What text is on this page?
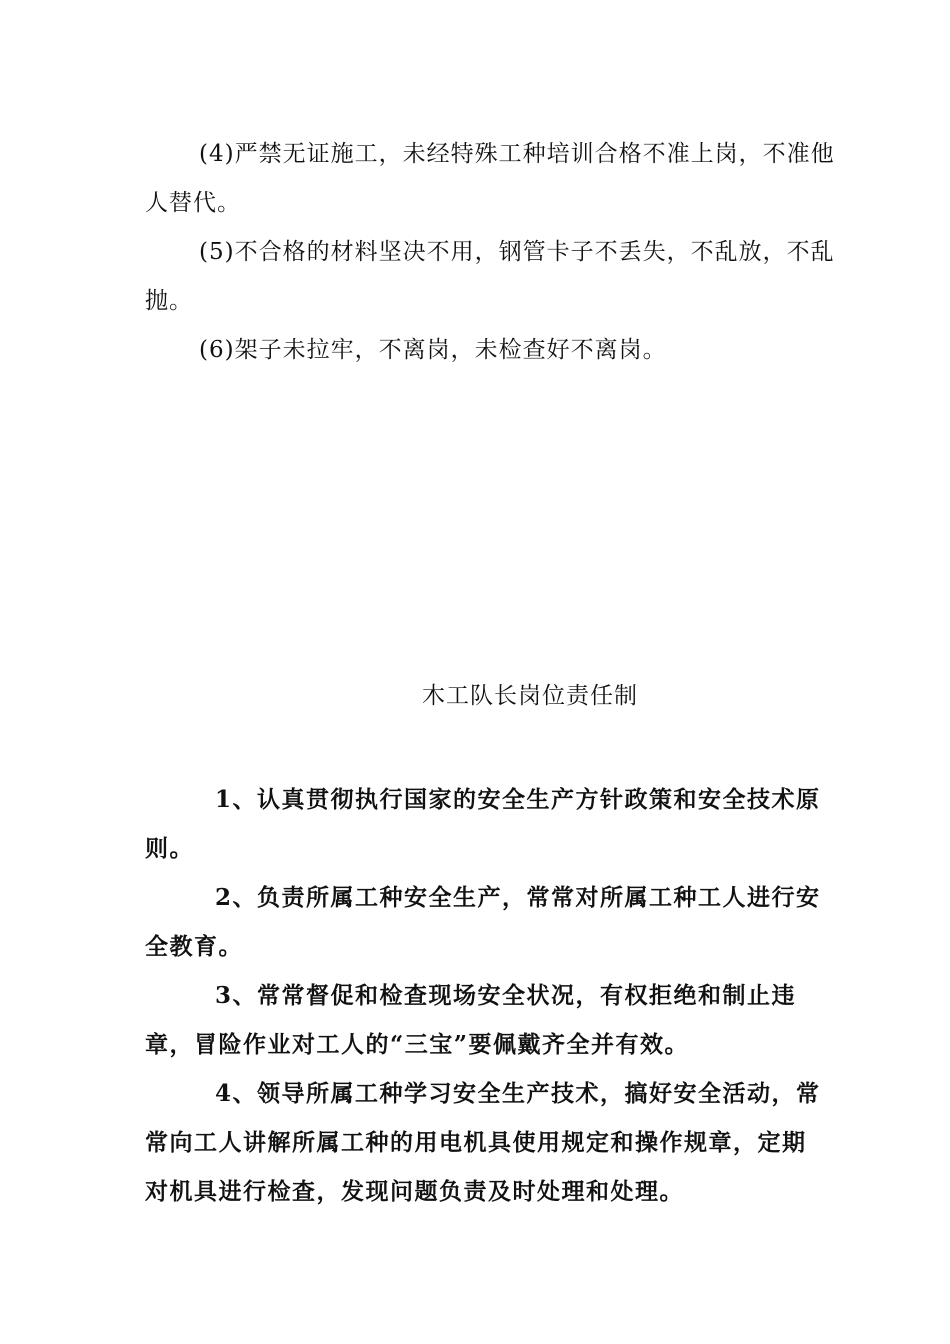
(4)严禁无证施工，未经特殊工种培训合格不准上岗，不准他人替代。

(5)不合格的材料坚决不用，钢管卡子不丢失，不乱放，不乱抛。

(6)架子未拉牢，不离岗，未检查好不离岗。

木工队长岗位责任制

1、认真贯彻执行国家的安全生产方针政策和安全技术原则。

2、负责所属工种安全生产，常常对所属工种工人进行安全教育。

3、常常督促和检查现场安全状况，有权拒绝和制止违章，冒险作业对工人的“三宝”要佩戴齐全并有效。

4、领导所属工种学习安全生产技术，搞好安全活动，常常向工人讲解所属工种的用电机具使用规定和操作规章，定期对机具进行检查，发现问题负责及时处理和处理。
